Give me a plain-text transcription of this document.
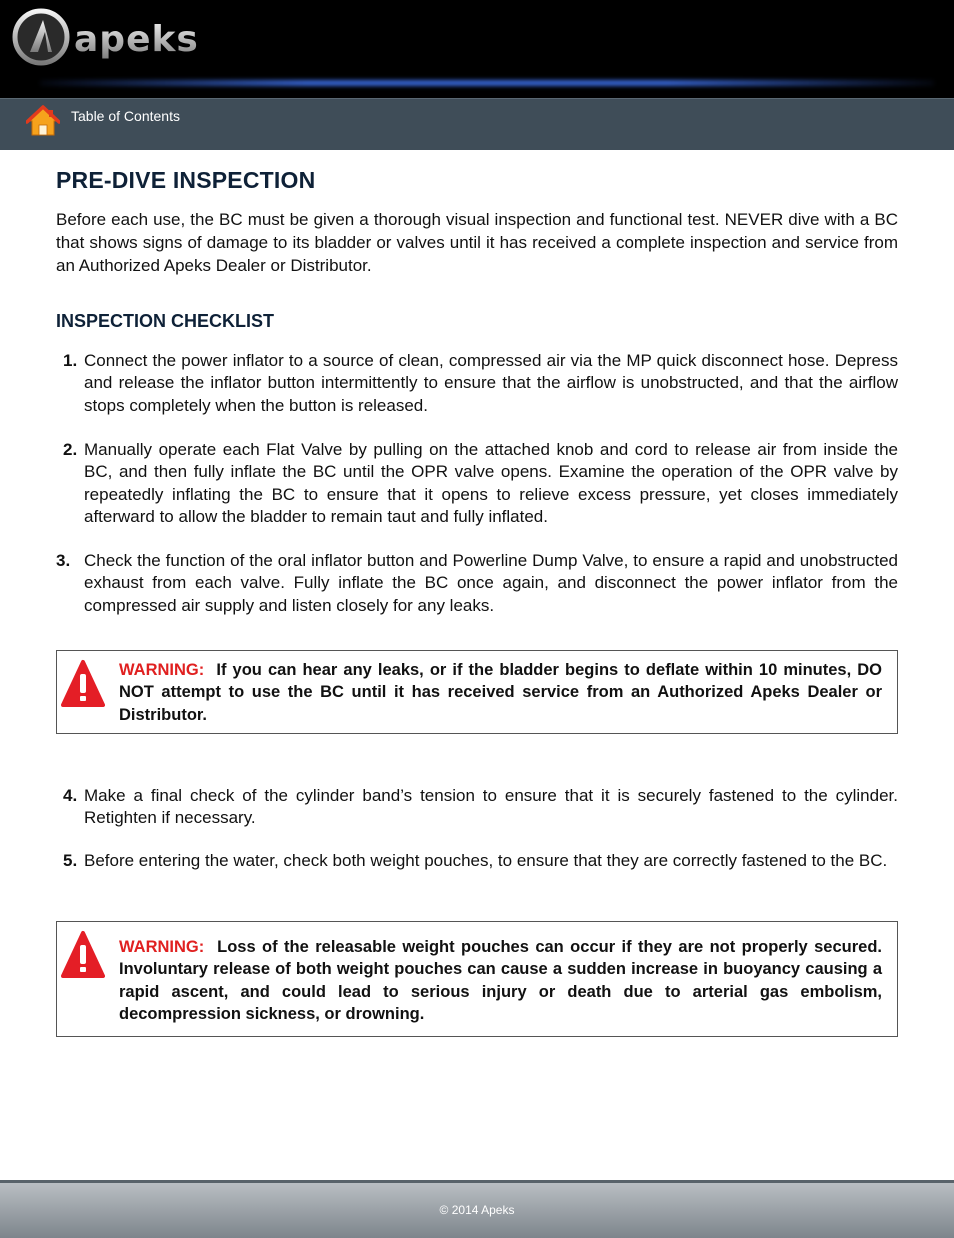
apeks
Table of Contents
PRE-DIVE INSPECTION

Before each use, the BC must be given a thorough visual inspection and functional test. NEVER dive with a BC that shows signs of damage to its bladder or valves until it has received a complete inspection and service from an Authorized Apeks Dealer or Distributor.

INSPECTION CHECKLIST
1. Connect the power inflator to a source of clean, compressed air via the MP quick disconnect hose. Depress and release the inflator button intermittently to ensure that the airflow is unobstructed, and that the airflow stops completely when the button is released.
2. Manually operate each Flat Valve by pulling on the attached knob and cord to release air from inside the BC, and then fully inflate the BC until the OPR valve opens. Examine the operation of the OPR valve by repeatedly inflating the BC to ensure that it opens to relieve excess pressure, yet closes immediately afterward to allow the bladder to remain taut and fully inflated.
3. Check the function of the oral inflator button and Powerline Dump Valve, to ensure a rapid and unobstructed exhaust from each valve. Fully inflate the BC once again, and disconnect the power inflator from the compressed air supply and listen closely for any leaks.
WARNING: If you can hear any leaks, or if the bladder begins to deflate within 10 minutes, DO NOT attempt to use the BC until it has received service from an Authorized Apeks Dealer or Distributor.
4. Make a final check of the cylinder band’s tension to ensure that it is securely fastened to the cylinder. Retighten if necessary.
5. Before entering the water, check both weight pouches, to ensure that they are correctly fastened to the BC.
WARNING: Loss of the releasable weight pouches can occur if they are not properly secured. Involuntary release of both weight pouches can cause a sudden increase in buoyancy causing a rapid ascent, and could lead to serious injury or death due to arterial gas embolism, decompression sickness, or drowning.
© 2014 Apeks
